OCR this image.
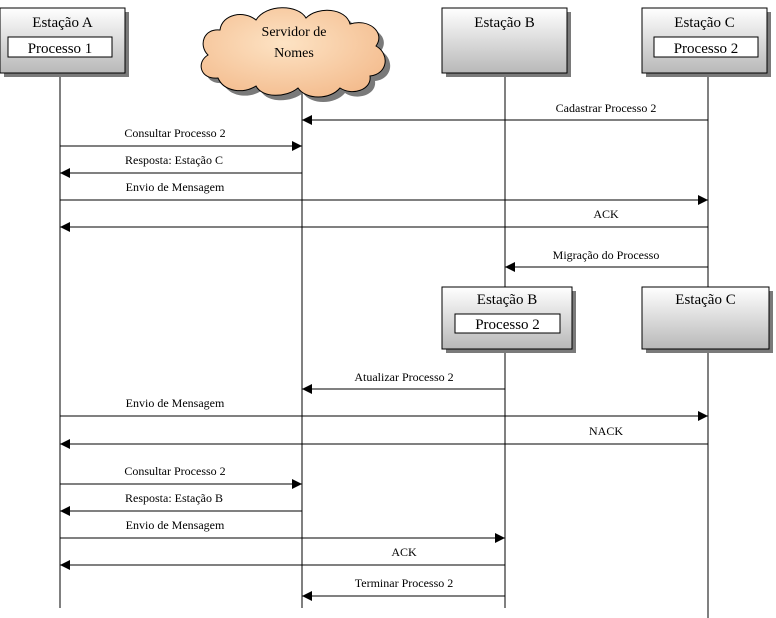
Estação A
Processo 1
Servidor de
Nomes
Estação B	Estação C
Processo 2
Estação B
Processo 2
Estação C
Cadastrar Processo 2
Consultar Processo 2
Resposta: Estação C
Envio de Mensagem
ACK
Migração do Processo
Atualizar Processo 2
Envio de Mensagem
NACK
Consultar Processo 2
Resposta: Estação B
Envio de Mensagem
ACK
Terminar Processo 2
